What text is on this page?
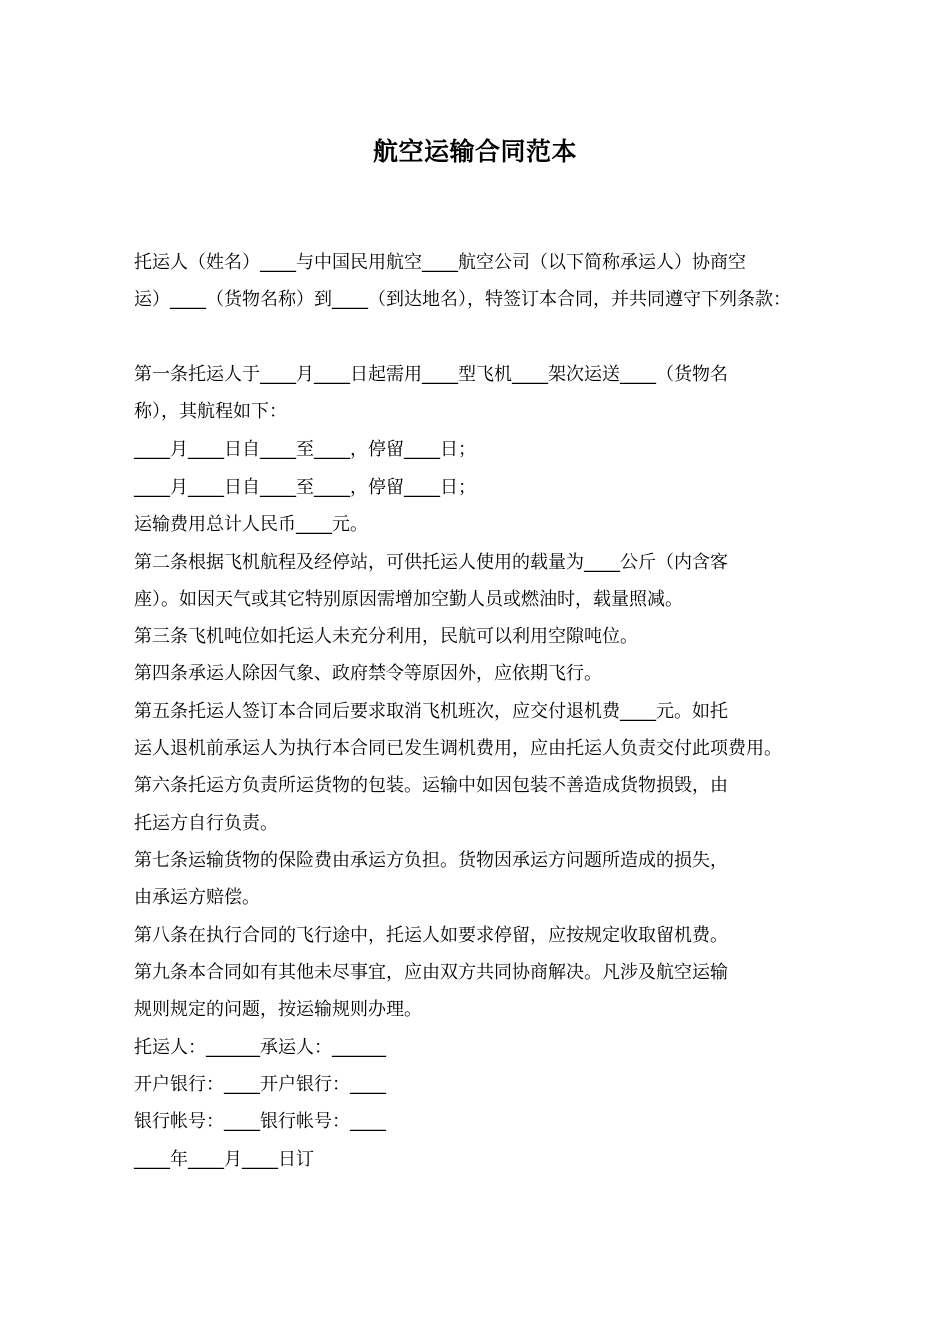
航空运输合同范本
托运人（姓名）____与中国民用航空____航空公司（以下简称承运人）协商空
运）____（货物名称）到____（到达地名），特签订本合同，并共同遵守下列条款：
第一条托运人于____月____日起需用____型飞机____架次运送____（货物名
称），其航程如下：
____月____日自____至____，停留____日；
____月____日自____至____，停留____日；
运输费用总计人民币____元。
第二条根据飞机航程及经停站，可供托运人使用的载量为____公斤（内含客
座）。如因天气或其它特别原因需增加空勤人员或燃油时，载量照减。
第三条飞机吨位如托运人未充分利用，民航可以利用空隙吨位。
第四条承运人除因气象、政府禁令等原因外，应依期飞行。
第五条托运人签订本合同后要求取消飞机班次，应交付退机费____元。如托
运人退机前承运人为执行本合同已发生调机费用，应由托运人负责交付此项费用。
第六条托运方负责所运货物的包装。运输中如因包装不善造成货物损毁，由
托运方自行负责。
第七条运输货物的保险费由承运方负担。货物因承运方问题所造成的损失，
由承运方赔偿。
第八条在执行合同的飞行途中，托运人如要求停留，应按规定收取留机费。
第九条本合同如有其他未尽事宜，应由双方共同协商解决。凡涉及航空运输
规则规定的问题，按运输规则办理。
托运人：______承运人：______
开户银行：____开户银行：____
银行帐号：____银行帐号：____
____年____月____日订
